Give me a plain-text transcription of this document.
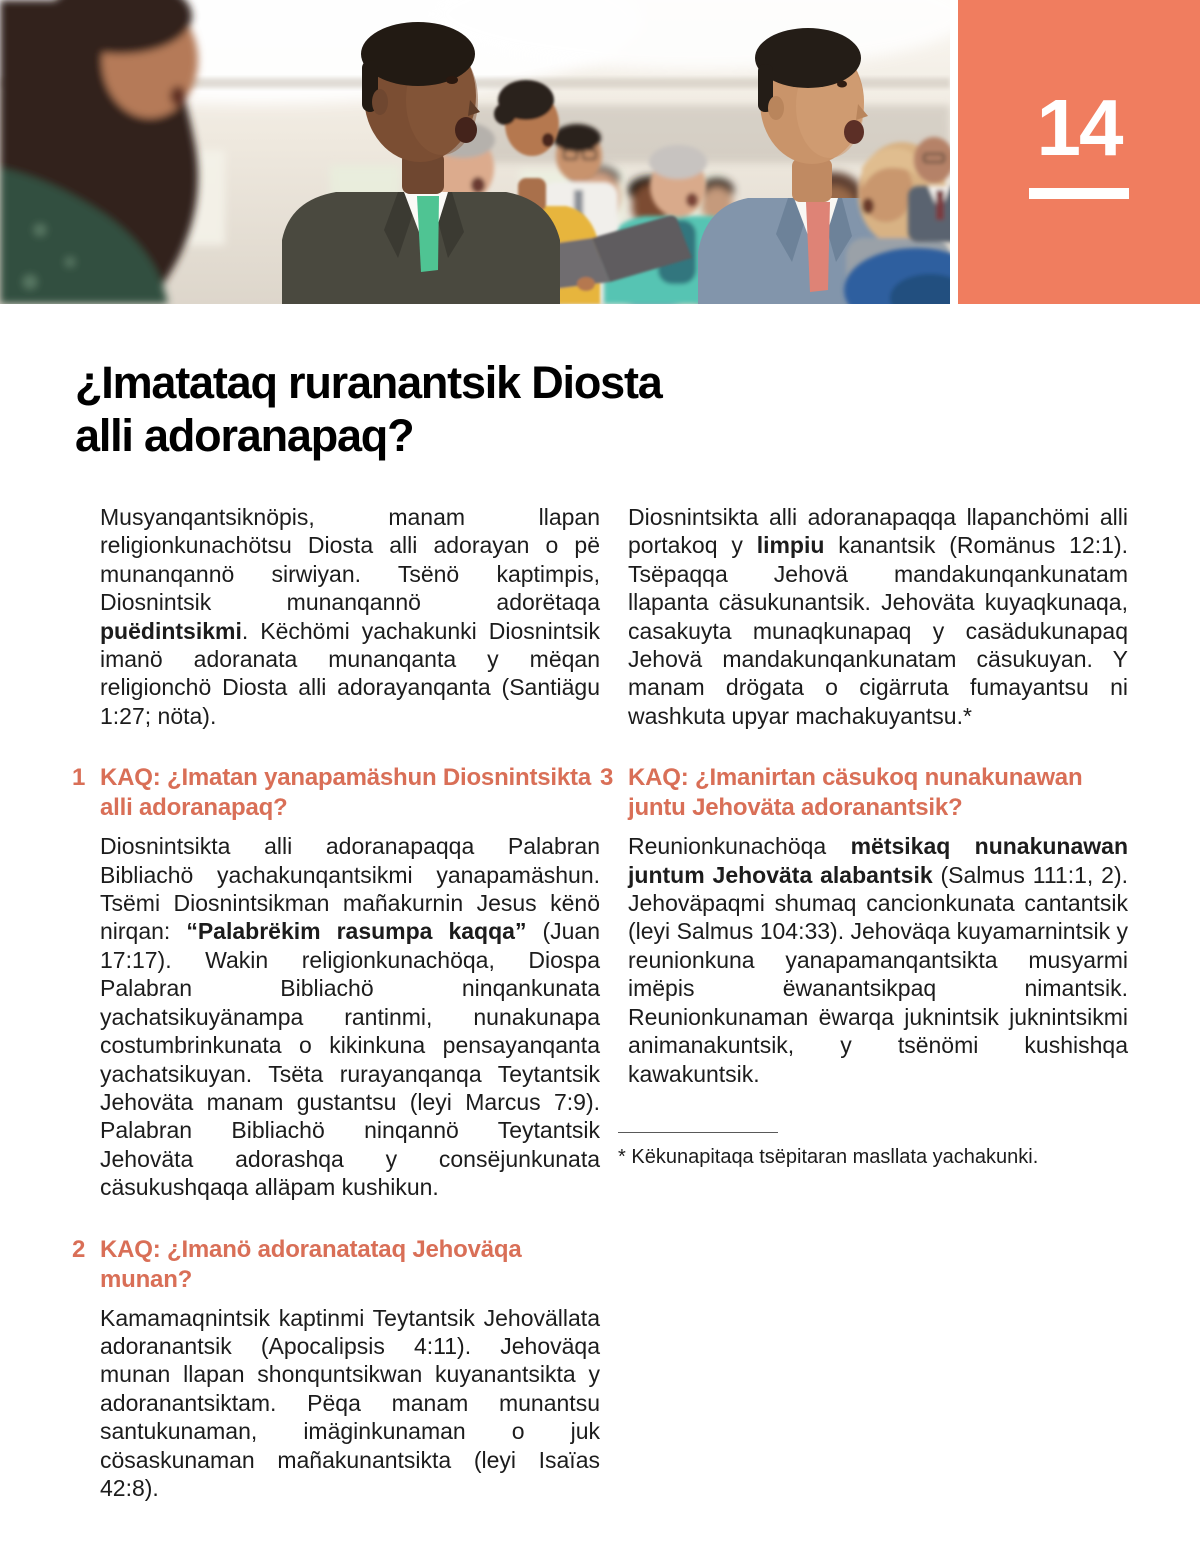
14
¿Imatataq ruranantsik Diosta alli adoranapaq?

Musyanqantsiknöpis, manam llapan religionkunachötsu Diosta alli adorayan o pë munanqannö sirwiyan. Tsënö kaptimpis, Diosnintsik munanqannö adorëtaqa puëdintsikmi. Këchömi yachakunki Diosnintsik imanö adoranata munanqanta y mëqan religionchö Diosta alli adorayanqanta (Santiägu 1:27; nöta).

1 KAQ: ¿Imatan yanapamäshun Diosnintsikta alli adoranapaq?

Diosnintsikta alli adoranapaqqa Palabran Bibliachö yachakunqantsikmi yanapamäshun. Tsëmi Diosnintsikman mañakurnin Jesus kënö nirqan: “Palabrëkim rasumpa kaqqa” (Juan 17:17). Wakin religionkunachöqa, Diospa Palabran Bibliachö ninqankunata yachatsikuyänampa rantinmi, nunakunapa costumbrinkunata o kikinkuna pensayanqanta yachatsikuyan. Tsëta rurayanqanqa Teytantsik Jehoväta manam gustantsu (leyi Marcus 7:9). Palabran Bibliachö ninqannö Teytantsik Jehoväta adorashqa y consëjunkunata cäsukushqaqa alläpam kushikun.

2 KAQ: ¿Imanö adoranatataq Jehoväqa munan?

Kamamaqnintsik kaptinmi Teytantsik Jehovällata adoranantsik (Apocalipsis 4:11). Jehoväqa munan llapan shonquntsikwan kuyanantsikta y adoranantsiktam. Pëqa manam munantsu santukunaman, imäginkunaman o juk cösaskunaman mañakunantsikta (leyi Isaïas 42:8).

Diosnintsikta alli adoranapaqqa llapanchömi alli portakoq y limpiu kanantsik (Romänus 12:1). Tsëpaqqa Jehovä mandakunqankunatam llapanta cäsukunantsik. Jehoväta kuyaqkunaqa, casakuyta munaqkunapaq y casädukunapaq Jehovä mandakunqankunatam cäsukuyan. Y manam drögata o cigärruta fumayantsu ni washkuta upyar machakuyantsu.*

3 KAQ: ¿Imanirtan cäsukoq nunakunawan juntu Jehoväta adoranantsik?

Reunionkunachöqa mëtsikaq nunakunawan juntum Jehoväta alabantsik (Salmus 111:1, 2). Jehoväpaqmi shumaq cancionkunata cantantsik (leyi Salmus 104:33). Jehoväqa kuyamarnintsik y reunionkuna yanapamanqantsikta musyarmi imëpis ëwanantsikpaq nimantsik. Reunionkunaman ëwarqa juknintsik juknintsikmi animanakuntsik, y tsënömi kushishqa kawakuntsik.

* Këkunapitaqa tsëpitaran masllata yachakunki.
